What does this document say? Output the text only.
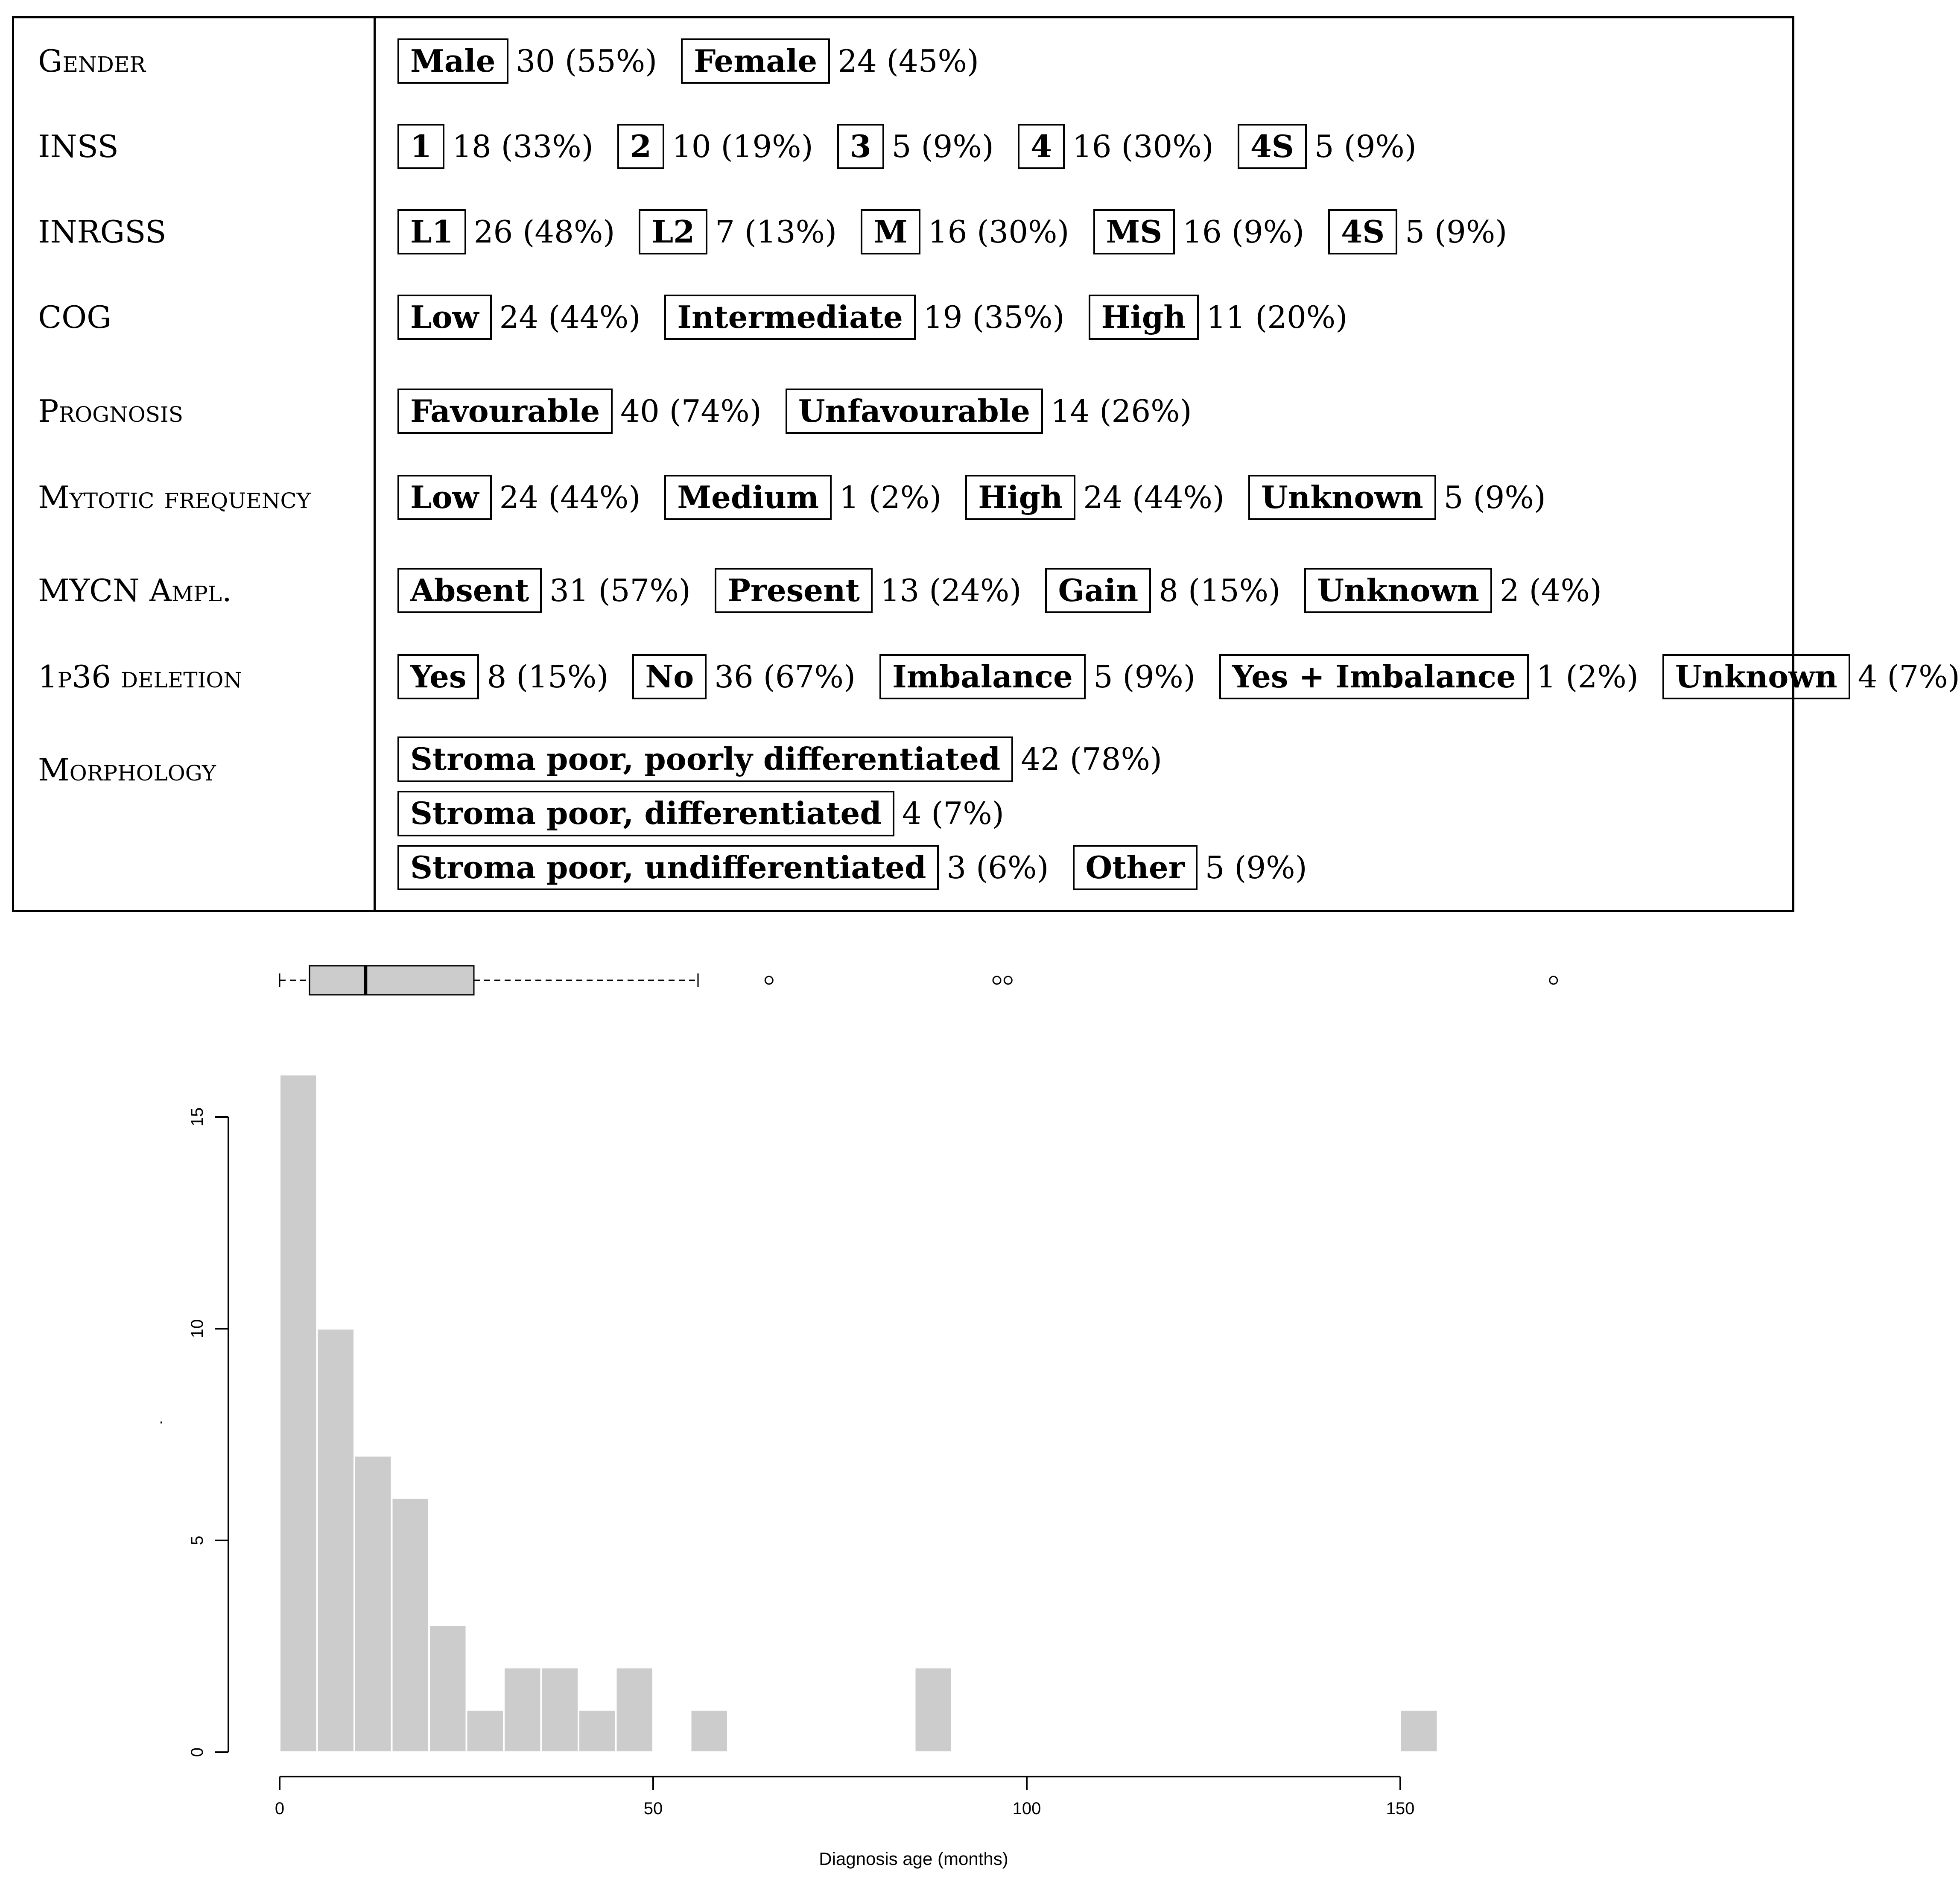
Gender	Male 30 (55%)	Female 24 (45%)
INSS	1 18 (33%)	2 10 (19%)	3 5 (9%)	4 16 (30%)	4S 5 (9%)
INRGSS	L1 26 (48%)	L2 7 (13%)	M 16 (30%)	MS 16 (9%)	4S 5 (9%)
COG	Low 24 (44%)	Intermediate 19 (35%)	High 11 (20%)
Prognosis	Favourable 40 (74%)	Unfavourable 14 (26%)
Mytotic frequency	Low 24 (44%)	Medium 1 (2%)	High 24 (44%)	Unknown 5 (9%)
MYCN Ampl.	Absent 31 (57%)	Present 13 (24%)	Gain 8 (15%)	Unknown 2 (4%)
1p36 deletion	Yes 8 (15%)	No 36 (67%)	Imbalance 5 (9%)	Yes + Imbalance 1 (2%)	Unknown 4 (7%)
Morphology	Stroma poor, poorly differentiated 42 (78%)
Stroma poor, differentiated 4 (7%)
Stroma poor, undifferentiated 3 (6%)	Other 5 (9%)
0	50	100	150
0
5
10
15
Diagnosis age (months)
.
